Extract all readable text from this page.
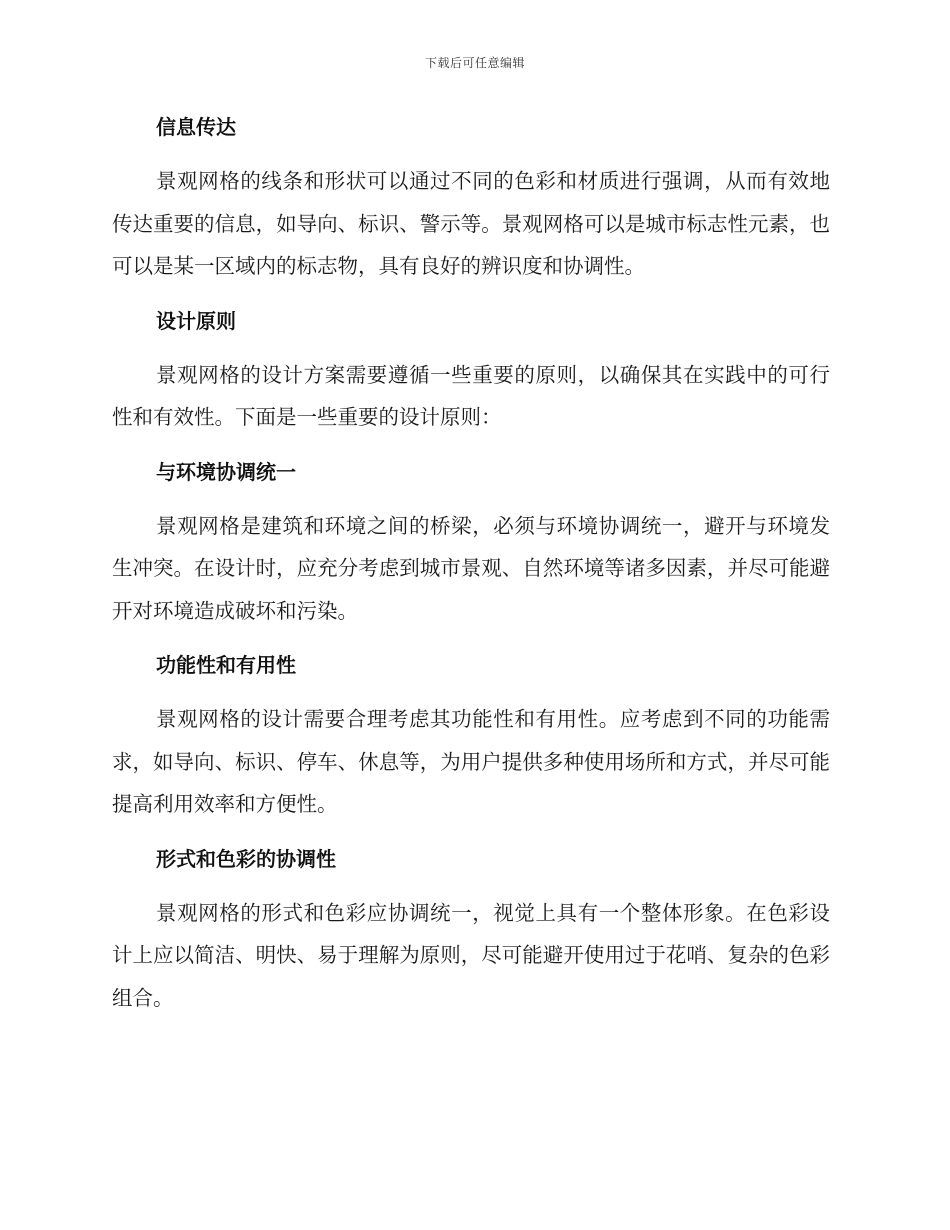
下载后可任意编辑
信息传达

景观网格的线条和形状可以通过不同的色彩和材质进行强调，从而有效地传达重要的信息，如导向、标识、警示等。景观网格可以是城市标志性元素，也可以是某一区域内的标志物，具有良好的辨识度和协调性。

设计原则

景观网格的设计方案需要遵循一些重要的原则，以确保其在实践中的可行性和有效性。下面是一些重要的设计原则：

与环境协调统一

景观网格是建筑和环境之间的桥梁，必须与环境协调统一，避开与环境发生冲突。在设计时，应充分考虑到城市景观、自然环境等诸多因素，并尽可能避开对环境造成破坏和污染。

功能性和有用性

景观网格的设计需要合理考虑其功能性和有用性。应考虑到不同的功能需求，如导向、标识、停车、休息等，为用户提供多种使用场所和方式，并尽可能提高利用效率和方便性。

形式和色彩的协调性

景观网格的形式和色彩应协调统一，视觉上具有一个整体形象。在色彩设计上应以简洁、明快、易于理解为原则，尽可能避开使用过于花哨、复杂的色彩组合。
